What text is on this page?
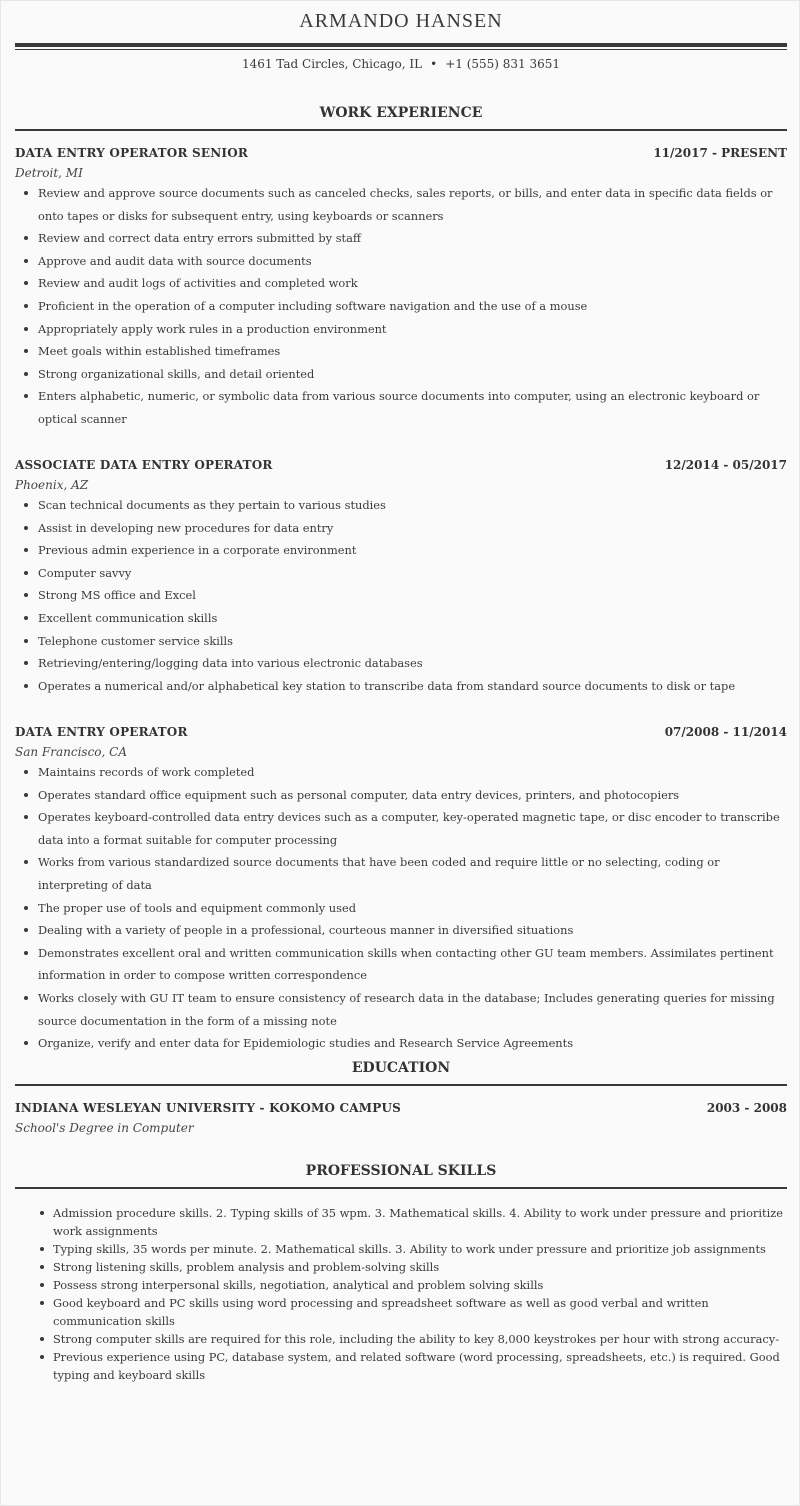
ARMANDO HANSEN
1461 Tad Circles, Chicago, IL • +1 (555) 831 3651
WORK EXPERIENCE
DATA ENTRY OPERATOR SENIOR	11/2017 - PRESENT
Detroit, MI
Review and approve source documents such as canceled checks, sales reports, or bills, and enter data in specific data fields or onto tapes or disks for subsequent entry, using keyboards or scanners
Review and correct data entry errors submitted by staff
Approve and audit data with source documents
Review and audit logs of activities and completed work
Proficient in the operation of a computer including software navigation and the use of a mouse
Appropriately apply work rules in a production environment
Meet goals within established timeframes
Strong organizational skills, and detail oriented
Enters alphabetic, numeric, or symbolic data from various source documents into computer, using an electronic keyboard or optical scanner
ASSOCIATE DATA ENTRY OPERATOR	12/2014 - 05/2017
Phoenix, AZ
Scan technical documents as they pertain to various studies
Assist in developing new procedures for data entry
Previous admin experience in a corporate environment
Computer savvy
Strong MS office and Excel
Excellent communication skills
Telephone customer service skills
Retrieving/entering/logging data into various electronic databases
Operates a numerical and/or alphabetical key station to transcribe data from standard source documents to disk or tape
DATA ENTRY OPERATOR	07/2008 - 11/2014
San Francisco, CA
Maintains records of work completed
Operates standard office equipment such as personal computer, data entry devices, printers, and photocopiers
Operates keyboard-controlled data entry devices such as a computer, key-operated magnetic tape, or disc encoder to transcribe data into a format suitable for computer processing
Works from various standardized source documents that have been coded and require little or no selecting, coding or interpreting of data
The proper use of tools and equipment commonly used
Dealing with a variety of people in a professional, courteous manner in diversified situations
Demonstrates excellent oral and written communication skills when contacting other GU team members. Assimilates pertinent information in order to compose written correspondence
Works closely with GU IT team to ensure consistency of research data in the database; Includes generating queries for missing source documentation in the form of a missing note
Organize, verify and enter data for Epidemiologic studies and Research Service Agreements
EDUCATION
INDIANA WESLEYAN UNIVERSITY - KOKOMO CAMPUS	2003 - 2008
School's Degree in Computer
PROFESSIONAL SKILLS
Admission procedure skills. 2. Typing skills of 35 wpm. 3. Mathematical skills. 4. Ability to work under pressure and prioritize work assignments
Typing skills, 35 words per minute. 2. Mathematical skills. 3. Ability to work under pressure and prioritize job assignments
Strong listening skills, problem analysis and problem-solving skills
Possess strong interpersonal skills, negotiation, analytical and problem solving skills
Good keyboard and PC skills using word processing and spreadsheet software as well as good verbal and written communication skills
Strong computer skills are required for this role, including the ability to key 8,000 keystrokes per hour with strong accuracy-
Previous experience using PC, database system, and related software (word processing, spreadsheets, etc.) is required. Good typing and keyboard skills
